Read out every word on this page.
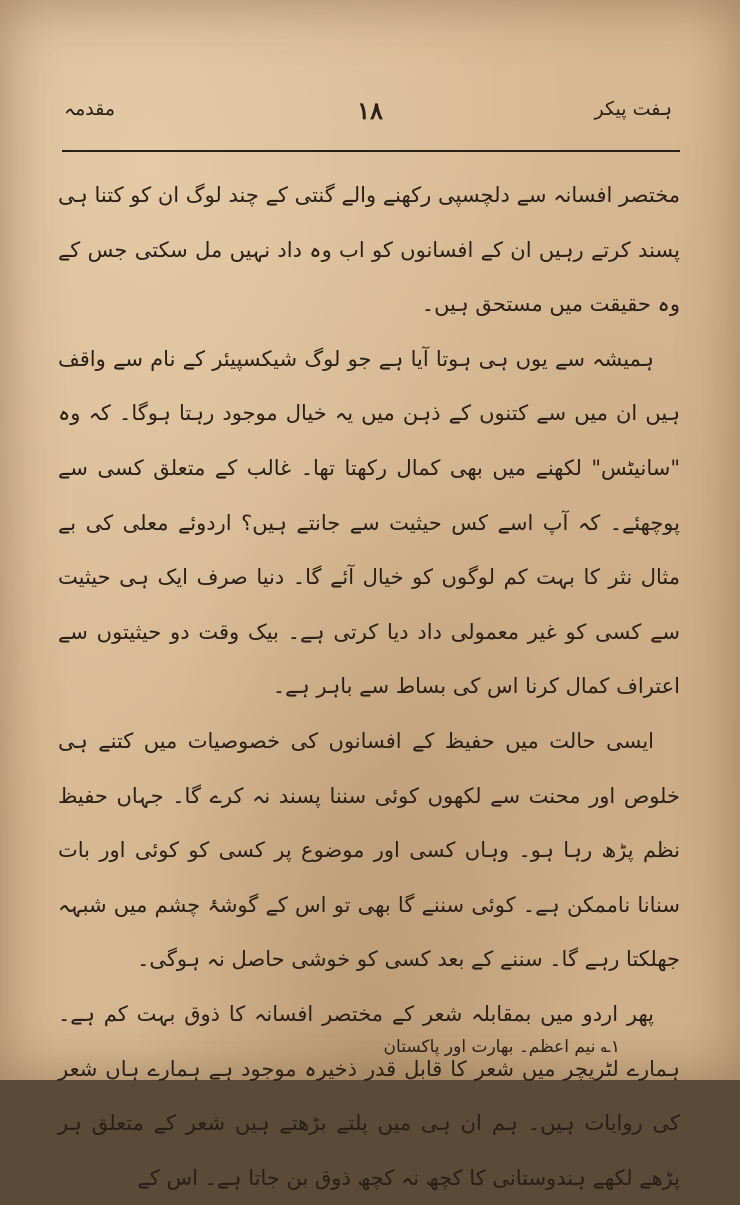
مقدمہ	۱۸	ہفت پیکر

مختصر افسانہ سے دلچسپی رکھنے والے گنتی کے چند لوگ ان کو کتنا ہی پسند کرتے رہیں ان کے افسانوں کو اب وہ داد نہیں مل سکتی جس کے وہ حقیقت میں مستحق ہیں۔

ہمیشہ سے یوں ہی ہوتا آیا ہے جو لوگ شیکسپیئر کے نام سے واقف ہیں ان میں سے کتنوں کے ذہن میں یہ خیال موجود رہتا ہوگا۔ کہ وہ "سانیٹس" لکھنے میں بھی کمال رکھتا تھا۔ غالب کے متعلق کسی سے پوچھئے۔ کہ آپ اسے کس حیثیت سے جانتے ہیں؟ اردوئے معلی کی بے مثال نثر کا بہت کم لوگوں کو خیال آئے گا۔ دنیا صرف ایک ہی حیثیت سے کسی کو غیر معمولی داد دیا کرتی ہے۔ بیک وقت دو حیثیتوں سے اعتراف کمال کرنا اس کی بساط سے باہر ہے۔

ایسی حالت میں حفیظ کے افسانوں کی خصوصیات میں کتنے ہی خلوص اور محنت سے لکھوں کوئی سننا پسند نہ کرے گا۔ جہاں حفیظ نظم پڑھ رہا ہو۔ وہاں کسی اور موضوع پر کسی کو کوئی اور بات سنانا ناممکن ہے۔ کوئی سننے گا بھی تو اس کے گوشۂ چشم میں شبہہ جھلکتا رہے گا۔ سننے کے بعد کسی کو خوشی حاصل نہ ہوگی۔

پھر اردو میں بمقابلہ شعر کے مختصر افسانہ کا ذوق بہت کم ہے۔ ہمارے لٹریچر میں شعر کا قابل قدر ذخیرہ موجود ہے ہمارے ہاں شعر کی روایات ہیں۔ ہم ان ہی میں پلتے بڑھتے ہیں شعر کے متعلق ہر پڑھے لکھے ہندوستانی کا کچھ نہ کچھ ذوق بن جاتا ہے۔ اس کے

۱؎ نیم اعظم۔ بھارت اور پاکستان
